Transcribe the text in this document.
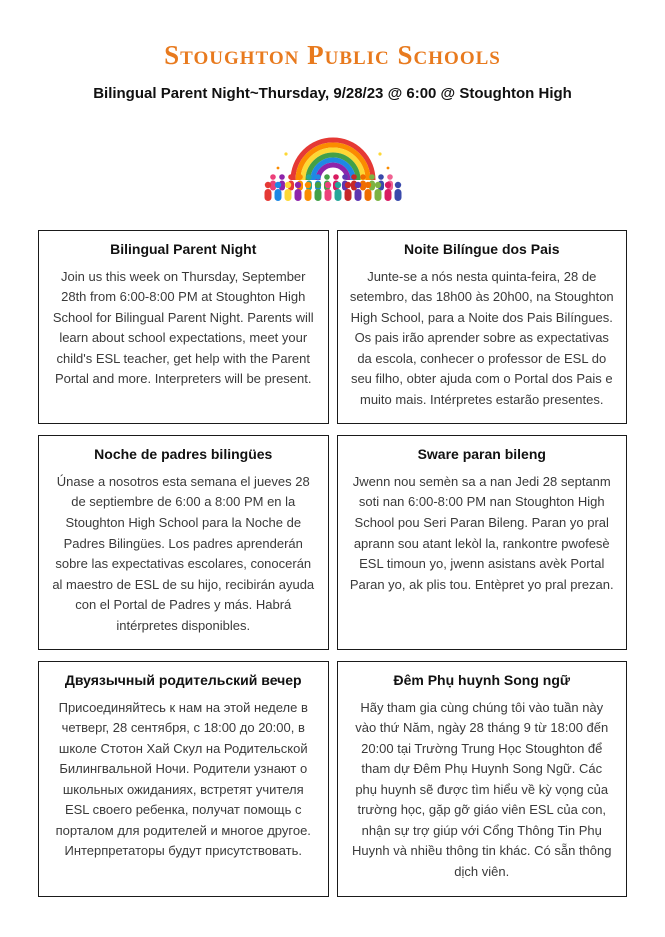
Stoughton Public Schools
Bilingual Parent Night~Thursday, 9/28/23 @ 6:00 @ Stoughton High
Bilingual Parent Night
Join us this week on Thursday, September 28th from 6:00-8:00 PM at Stoughton High School for Bilingual Parent Night. Parents will learn about school expectations, meet your child's ESL teacher, get help with the Parent Portal and more. Interpreters will be present.
Noite Bilíngue dos Pais
Junte-se a nós nesta quinta-feira, 28 de setembro, das 18h00 às 20h00, na Stoughton High School, para a Noite dos Pais Bilíngues. Os pais irão aprender sobre as expectativas da escola, conhecer o professor de ESL do seu filho, obter ajuda com o Portal dos Pais e muito mais. Intérpretes estarão presentes.
Noche de padres bilingües
Únase a nosotros esta semana el jueves 28 de septiembre de 6:00 a 8:00 PM en la Stoughton High School para la Noche de Padres Bilingües. Los padres aprenderán sobre las expectativas escolares, conocerán al maestro de ESL de su hijo, recibirán ayuda con el Portal de Padres y más. Habrá intérpretes disponibles.
Sware paran bileng
Jwenn nou semèn sa a nan Jedi 28 septanm soti nan 6:00-8:00 PM nan Stoughton High School pou Seri Paran Bileng. Paran yo pral aprann sou atant lekòl la, rankontre pwofesè ESL timoun yo, jwenn asistans avèk Portal Paran yo, ak plis tou. Entèpret yo pral prezan.
Двуязычный родительский вечер
Присоединяйтесь к нам на этой неделе в четверг, 28 сентября, с 18:00 до 20:00, в школе Стотон Хай Скул на Родительской Билингвальной Ночи. Родители узнают о школьных ожиданиях, встретят учителя ESL своего ребенка, получат помощь с порталом для родителей и многое другое. Интерпретаторы будут присутствовать.
Đêm Phụ huynh Song ngữ
Hãy tham gia cùng chúng tôi vào tuần này vào thứ Năm, ngày 28 tháng 9 từ 18:00 đến 20:00 tại Trường Trung Học Stoughton để tham dự Đêm Phụ Huynh Song Ngữ. Các phụ huynh sẽ được tìm hiểu về kỳ vọng của trường học, gặp gỡ giáo viên ESL của con, nhận sự trợ giúp với Cổng Thông Tin Phụ Huynh và nhiều thông tin khác. Có sẵn thông dịch viên.
